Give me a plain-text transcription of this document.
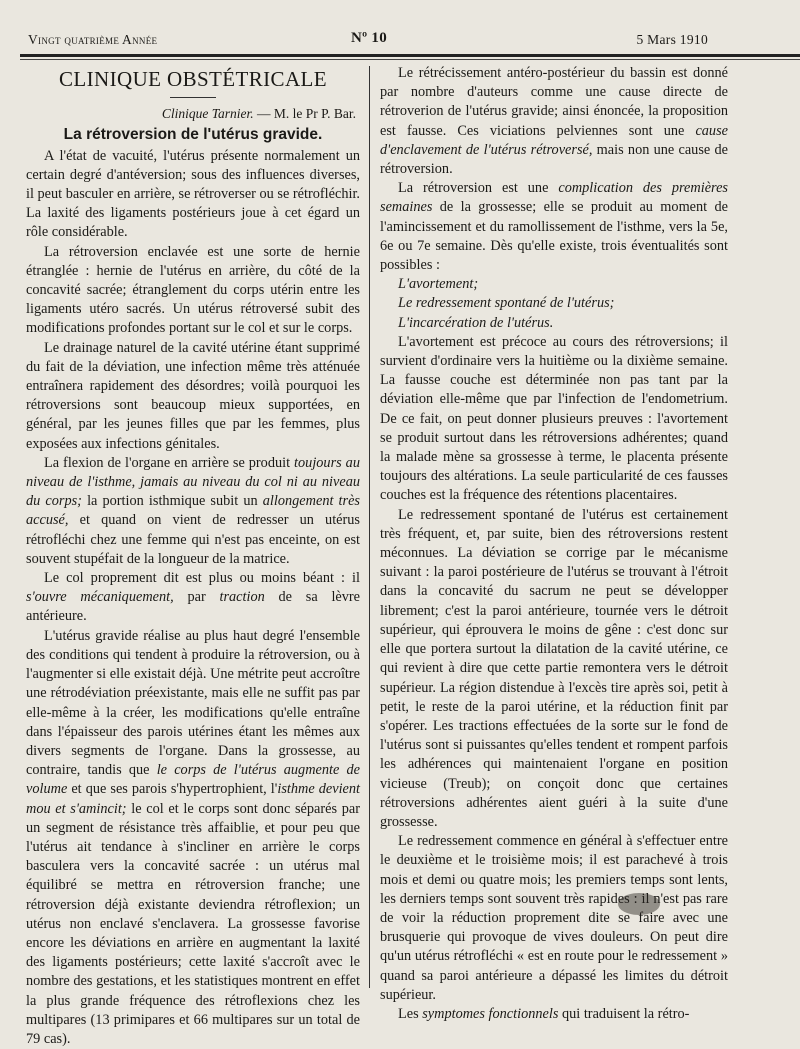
Vingt quatrième Année	Nº 10	5 Mars 1910
CLINIQUE OBSTÉTRICALE
Clinique Tarnier. — M. le Pr P. Bar.
La rétroversion de l'utérus gravide.

A l'état de vacuité, l'utérus présente normalement un certain degré d'antéversion; sous des influences diverses, il peut basculer en arrière, se rétroverser ou se rétrofléchir. La laxité des ligaments postérieurs joue à cet égard un rôle considérable.

La rétroversion enclavée est une sorte de hernie étranglée : hernie de l'utérus en arrière, du côté de la concavité sacrée; étranglement du corps utérin entre les ligaments utéro sacrés. Un utérus rétroversé subit des modifications profondes portant sur le col et sur le corps.

Le drainage naturel de la cavité utérine étant supprimé du fait de la déviation, une infection même très atténuée entraînera rapidement des désordres; voilà pourquoi les rétroversions sont beaucoup mieux supportées, en général, par les jeunes filles que par les femmes, plus exposées aux infections génitales.

La flexion de l'organe en arrière se produit toujours au niveau de l'isthme, jamais au niveau du col ni au niveau du corps; la portion isthmique subit un allongement très accusé, et quand on vient de redresser un utérus rétrofléchi chez une femme qui n'est pas enceinte, on est souvent stupéfait de la longueur de la matrice.

Le col proprement dit est plus ou moins béant : il s'ouvre mécaniquement, par traction de sa lèvre antérieure.

L'utérus gravide réalise au plus haut degré l'ensemble des conditions qui tendent à produire la rétroversion, ou à l'augmenter si elle existait déjà. Une métrite peut accroître une rétrodéviation préexistante, mais elle ne suffit pas par elle-même à la créer, les modifications qu'elle entraîne dans l'épaisseur des parois utérines étant les mêmes aux divers segments de l'organe. Dans la grossesse, au contraire, tandis que le corps de l'utérus augmente de volume et que ses parois s'hypertrophient, l'isthme devient mou et s'amincit; le col et le corps sont donc séparés par un segment de résistance très affaiblie, et pour peu que l'utérus ait tendance à s'incliner en arrière le corps basculera vers la concavité sacrée : un utérus mal équilibré se mettra en rétroversion franche; une rétroversion déjà existante deviendra rétroflexion; un utérus non enclavé s'enclavera. La grossesse favorise encore les déviations en arrière en augmentant la laxité des ligaments postérieurs; cette laxité s'accroît avec le nombre des gestations, et les statistiques montrent en effet la plus grande fréquence des rétroflexions chez les multipares (13 primipares et 66 multipares sur un total de 79 cas).

Le rétrécissement antéro-postérieur du bassin est donné par nombre d'auteurs comme une cause directe de rétroverion de l'utérus gravide; ainsi énoncée, la proposition est fausse. Ces viciations pelviennes sont une cause d'enclavement de l'utérus rétroversé, mais non une cause de rétroversion.

La rétroversion est une complication des premières semaines de la grossesse; elle se produit au moment de l'amincissement et du ramollissement de l'isthme, vers la 5e, 6e ou 7e semaine. Dès qu'elle existe, trois éventualités sont possibles :

L'avortement;

Le redressement spontané de l'utérus;

L'incarcération de l'utérus.

L'avortement est précoce au cours des rétroversions; il survient d'ordinaire vers la huitième ou la dixième semaine. La fausse couche est déterminée non pas tant par la déviation elle-même que par l'infection de l'endometrium. De ce fait, on peut donner plusieurs preuves : l'avortement se produit surtout dans les rétroversions adhérentes; quand la malade mène sa grossesse à terme, le placenta présente toujours des altérations. La seule particularité de ces fausses couches est la fréquence des rétentions placentaires.

Le redressement spontané de l'utérus est certainement très fréquent, et, par suite, bien des rétroversions restent méconnues. La déviation se corrige par le mécanisme suivant : la paroi postérieure de l'utérus se trouvant à l'étroit dans la concavité du sacrum ne peut se développer librement; c'est la paroi antérieure, tournée vers le détroit supérieur, qui éprouvera le moins de gêne : c'est donc sur elle que portera surtout la dilatation de la cavité utérine, ce qui revient à dire que cette partie remontera vers le détroit supérieur. La région distendue à l'excès tire après soi, petit à petit, le reste de la paroi utérine, et la réduction finit par s'opérer. Les tractions effectuées de la sorte sur le fond de l'utérus sont si puissantes qu'elles tendent et rompent parfois les adhérences qui maintenaient l'organe en position vicieuse (Treub); on conçoit donc que certaines rétroversions adhérentes aient guéri à la suite d'une grossesse.

Le redressement commence en général à s'effectuer entre le deuxième et le troisième mois; il est parachevé à trois mois et demi ou quatre mois; les premiers temps sont lents, les derniers temps sont souvent très rapides : il n'est pas rare de voir la réduction proprement dite se faire avec une brusquerie qui provoque de vives douleurs. On peut dire qu'un utérus rétrofléchi « est en route pour le redressement » quand sa paroi antérieure a dépassé les limites du détroit supérieur.

Les symptomes fonctionnels qui traduisent la rétro-
